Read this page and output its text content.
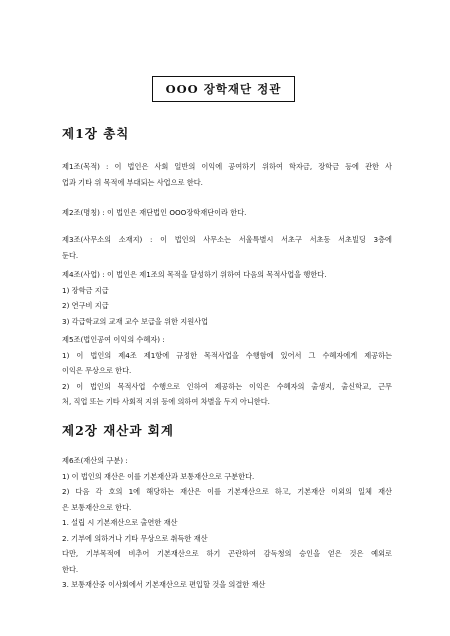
OOO 장학재단 정관
제1장 총칙
제1조(목적) : 이 법인은 사회 일반의 이익에 공여하기 위하여 학자금, 장학금 등에 관한 사
업과 기타 위 목적에 부대되는 사업으로 한다.
제2조(명칭) : 이 법인은 재단법인 OOO장학재단이라 한다.
제3조(사무소의 소재지) : 이 법인의 사무소는 서울특별시 서초구 서초동 서초빌딩 3층에
둔다.
제4조(사업) : 이 법인은 제1조의 목적을 달성하기 위하여 다음의 목적사업을 행한다.
1) 장학금 지급
2) 연구비 지급
3) 각급학교의 교재 교수 보급을 위한 지원사업
제5조(법인공여 이익의 수혜자) :
1) 이 법인의 제4조 제1항에 규정한 목적사업을 수행함에 있어서 그 수혜자에게 제공하는
이익은 무상으로 한다.
2) 이 법인의 목적사업 수행으로 인하여 제공하는 이익은 수혜자의 출생지, 출신학교, 근무
처, 직업 또는 기타 사회적 지위 등에 의하여 차별을 두지 아니한다.
제2장 재산과 회계
제6조(재산의 구분) :
1) 이 법인의 재산은 이를 기본재산과 보통재산으로 구분한다.
2) 다음 각 호의 1에 해당하는 재산은 이를 기본재산으로 하고, 기본재산 이외의 일체 재산
은 보통재산으로 한다.
1. 설립 시 기본재산으로 출연한 재산
2. 기부에 의하거나 기타 무상으로 취득한 재산
다만, 기부목적에 비추어 기본재산으로 하기 곤란하여 감독청의 승인을 얻은 것은 예외로
한다.
3. 보통재산중 이사회에서 기본재산으로 편입할 것을 의결한 재산
